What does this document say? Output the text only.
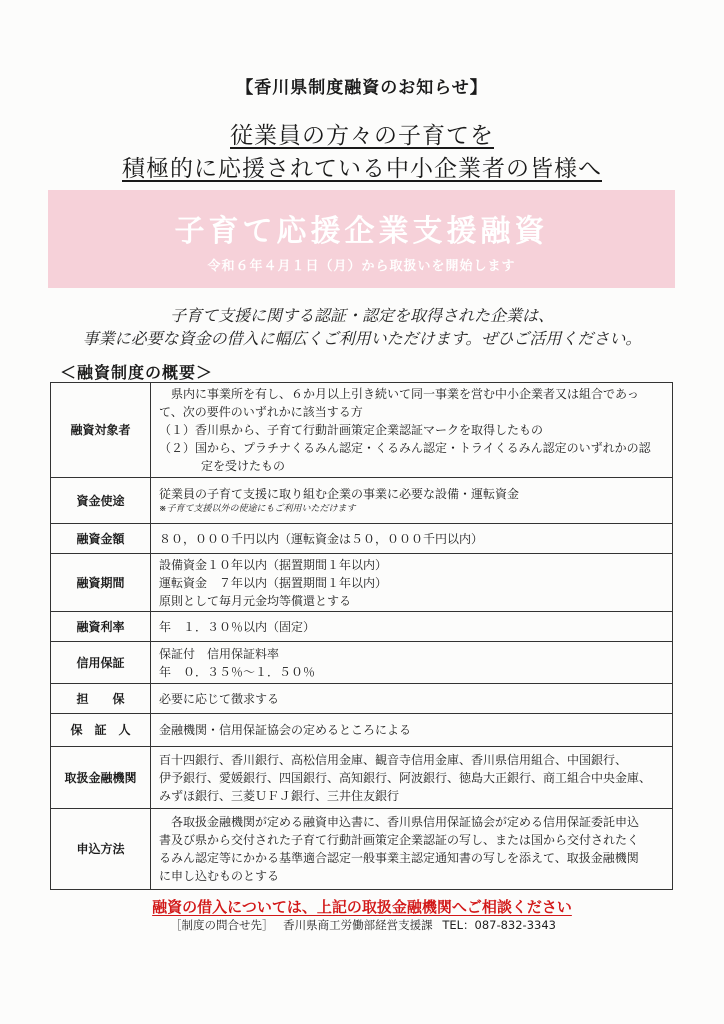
【香川県制度融資のお知らせ】
従業員の方々の子育てを
積極的に応援されている中小企業者の皆様へ
子育て応援企業支援融資
令和６年４月１日（月）から取扱いを開始します
子育て支援に関する認証・認定を取得された企業は、
事業に必要な資金の借入に幅広くご利用いただけます。ぜひご活用ください。
＜融資制度の概要＞
融資対象者	県内に事業所を有し、６か月以上引き続いて同一事業を営む中小企業者又は組合であっ
て、次の要件のいずれかに該当する方
（１）香川県から、子育て行動計画策定企業認証マークを取得したもの
（２）国から、プラチナくるみん認定・くるみん認定・トライくるみん認定のいずれかの認
定を受けたもの

資金使途	従業員の子育て支援に取り組む企業の事業に必要な設備・運転資金
※子育て支援以外の使途にもご利用いただけます

融資金額	８０，０００千円以内（運転資金は５０，０００千円以内）

融資期間	設備資金１０年以内（据置期間１年以内）
運転資金　７年以内（据置期間１年以内）
原則として毎月元金均等償還とする

融資利率	年　１．３０％以内（固定）

信用保証	保証付　信用保証料率
年　０．３５％～１．５０％

担　　保	必要に応じて徴求する

保　証　人	金融機関・信用保証協会の定めるところによる

取扱金融機関	百十四銀行、香川銀行、高松信用金庫、観音寺信用金庫、香川県信用組合、中国銀行、
伊予銀行、愛媛銀行、四国銀行、高知銀行、阿波銀行、徳島大正銀行、商工組合中央金庫、
みずほ銀行、三菱ＵＦＪ銀行、三井住友銀行

申込方法	各取扱金融機関が定める融資申込書に、香川県信用保証協会が定める信用保証委託申込
書及び県から交付された子育て行動計画策定企業認証の写し、または国から交付されたく
るみん認定等にかかる基準適合認定一般事業主認定通知書の写しを添えて、取扱金融機関
に申し込むものとする
融資の借入については、上記の取扱金融機関へご相談ください
［制度の問合せ先］ 香川県商工労働部経営支援課 TEL：087-832-3343
